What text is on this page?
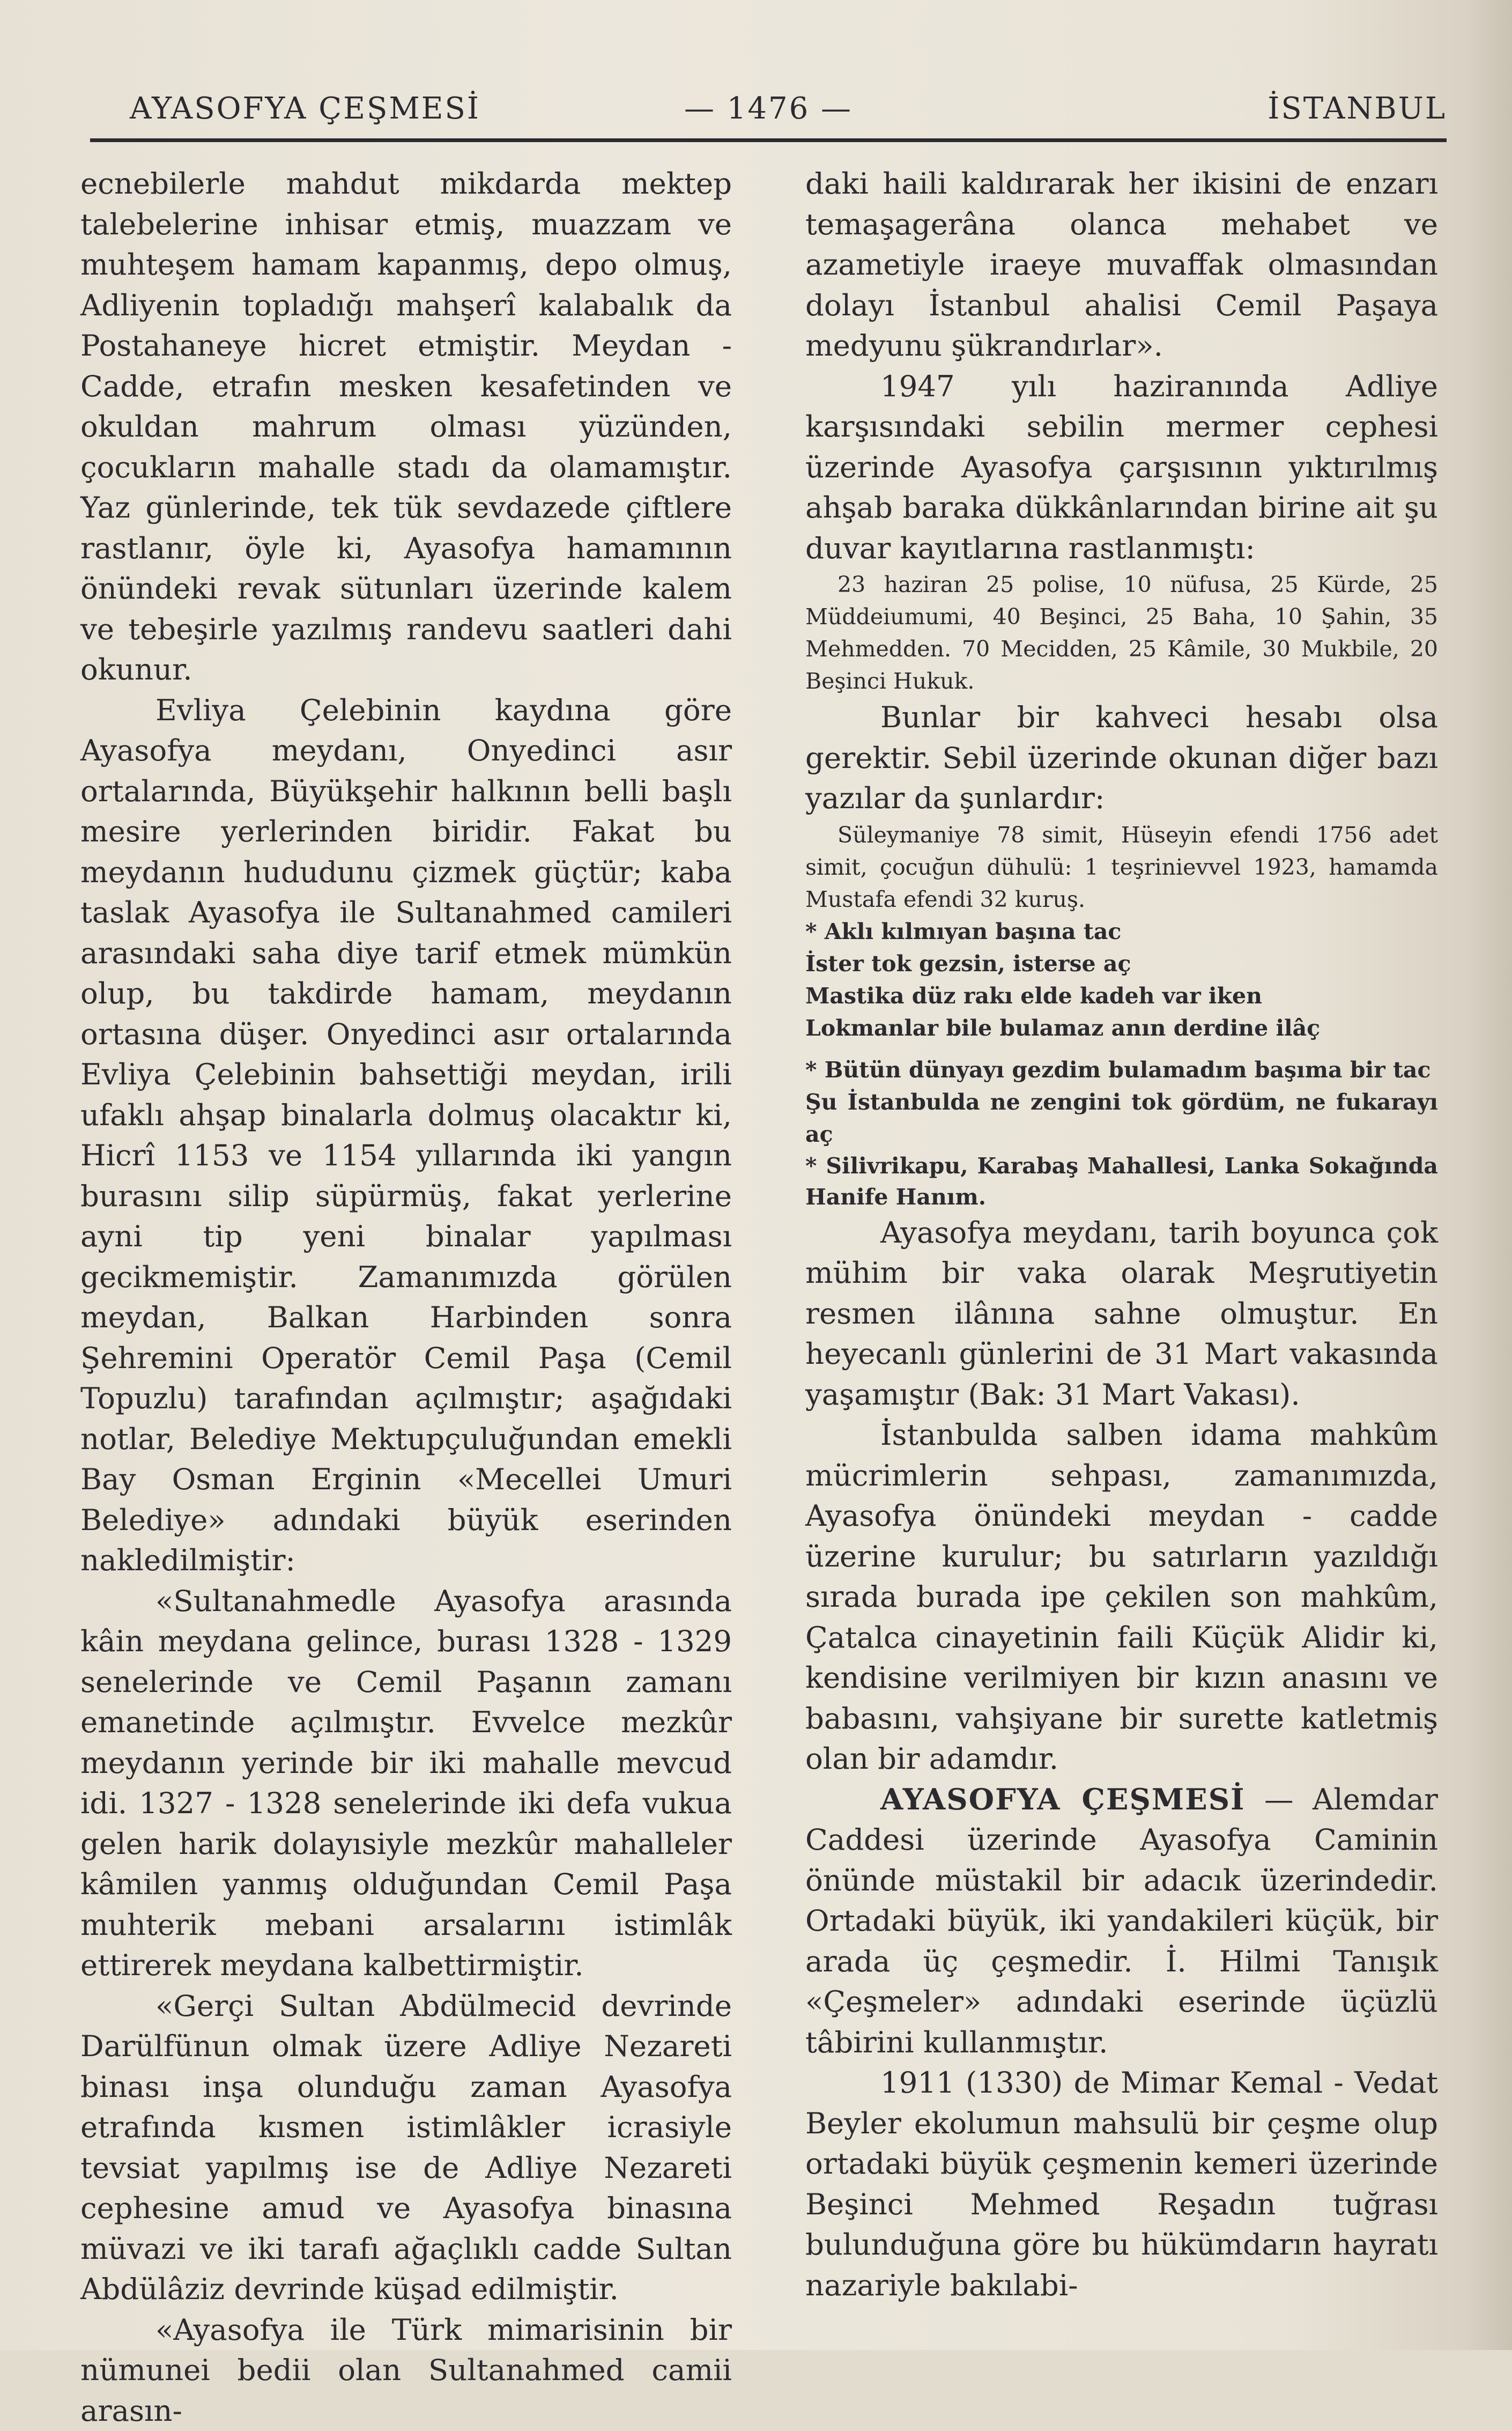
AYASOFYA ÇEŞMESİ	— 1476 —	İSTANBUL

ecnebilerle mahdut mikdarda mektep talebelerine inhisar etmiş, muazzam ve muhteşem hamam kapanmış, depo olmuş, Adliyenin topladığı mahşerî kalabalık da Postahaneye hicret etmiştir. Meydan - Cadde, etrafın mesken kesafetinden ve okuldan mahrum olması yüzünden, çocukların mahalle stadı da olamamıştır. Yaz günlerinde, tek tük sevdazede çiftlere rastlanır, öyle ki, Ayasofya hamamının önündeki revak sütunları üzerinde kalem ve tebeşirle yazılmış randevu saatleri dahi okunur.

Evliya Çelebinin kaydına göre Ayasofya meydanı, Onyedinci asır ortalarında, Büyükşehir halkının belli başlı mesire yerlerinden biridir. Fakat bu meydanın hududunu çizmek güçtür; kaba taslak Ayasofya ile Sultanahmed camileri arasındaki saha diye tarif etmek mümkün olup, bu takdirde hamam, meydanın ortasına düşer. Onyedinci asır ortalarında Evliya Çelebinin bahsettiği meydan, irili ufaklı ahşap binalarla dolmuş olacaktır ki, Hicrî 1153 ve 1154 yıllarında iki yangın burasını silip süpürmüş, fakat yerlerine ayni tip yeni binalar yapılması gecikmemiştir. Zamanımızda görülen meydan, Balkan Harbinden sonra Şehremini Operatör Cemil Paşa (Cemil Topuzlu) tarafından açılmıştır; aşağıdaki notlar, Belediye Mektupçuluğundan emekli Bay Osman Erginin «Mecellei Umuri Belediye» adındaki büyük eserinden nakledilmiştir:

«Sultanahmedle Ayasofya arasında kâin meydana gelince, burası 1328 - 1329 senelerinde ve Cemil Paşanın zamanı emanetinde açılmıştır. Evvelce mezkûr meydanın yerinde bir iki mahalle mevcud idi. 1327 - 1328 senelerinde iki defa vukua gelen harik dolayısiyle mezkûr mahalleler kâmilen yanmış olduğundan Cemil Paşa muhterik mebani arsalarını istimlâk ettirerek meydana kalbettirmiştir.

«Gerçi Sultan Abdülmecid devrinde Darülfünun olmak üzere Adliye Nezareti binası inşa olunduğu zaman Ayasofya etrafında kısmen istimlâkler icrasiyle tevsiat yapılmış ise de Adliye Nezareti cephesine amud ve Ayasofya binasına müvazi ve iki tarafı ağaçlıklı cadde Sultan Abdülâziz devrinde küşad edilmiştir.

«Ayasofya ile Türk mimarisinin bir nümunei bedii olan Sultanahmed camii arasın-

daki haili kaldırarak her ikisini de enzarı temaşagerâna olanca mehabet ve azametiyle iraeye muvaffak olmasından dolayı İstanbul ahalisi Cemil Paşaya medyunu şükrandırlar».

1947 yılı haziranında Adliye karşısındaki sebilin mermer cephesi üzerinde Ayasofya çarşısının yıktırılmış ahşab baraka dükkânlarından birine ait şu duvar kayıtlarına rastlanmıştı:

23 haziran 25 polise, 10 nüfusa, 25 Kürde, 25 Müddeiumumi, 40 Beşinci, 25 Baha, 10 Şahin, 35 Mehmedden. 70 Mecidden, 25 Kâmile, 30 Mukbile, 20 Beşinci Hukuk.

Bunlar bir kahveci hesabı olsa gerektir. Sebil üzerinde okunan diğer bazı yazılar da şunlardır:

Süleymaniye 78 simit, Hüseyin efendi 1756 adet simit, çocuğun dühulü: 1 teşrinievvel 1923, hamamda Mustafa efendi 32 kuruş.

* Aklı kılmıyan başına tac
İster tok gezsin, isterse aç
Mastika düz rakı elde kadeh var iken
Lokmanlar bile bulamaz anın derdine ilâç
* Bütün dünyayı gezdim bulamadım başıma bir tac
Şu İstanbulda ne zengini tok gördüm, ne fukarayı aç

* Silivrikapu, Karabaş Mahallesi, Lanka Sokağında Hanife Hanım.

Ayasofya meydanı, tarih boyunca çok mühim bir vaka olarak Meşrutiyetin resmen ilânına sahne olmuştur. En heyecanlı günlerini de 31 Mart vakasında yaşamıştır (Bak: 31 Mart Vakası).

İstanbulda salben idama mahkûm mücrimlerin sehpası, zamanımızda, Ayasofya önündeki meydan - cadde üzerine kurulur; bu satırların yazıldığı sırada burada ipe çekilen son mahkûm, Çatalca cinayetinin faili Küçük Alidir ki, kendisine verilmiyen bir kızın anasını ve babasını, vahşiyane bir surette katletmiş olan bir adamdır.

AYASOFYA ÇEŞMESİ — Alemdar Caddesi üzerinde Ayasofya Caminin önünde müstakil bir adacık üzerindedir. Ortadaki büyük, iki yandakileri küçük, bir arada üç çeşmedir. İ. Hilmi Tanışık «Çeşmeler» adındaki eserinde üçüzlü tâbirini kullanmıştır.

1911 (1330) de Mimar Kemal - Vedat Beyler ekolumun mahsulü bir çeşme olup ortadaki büyük çeşmenin kemeri üzerinde Beşinci Mehmed Reşadın tuğrası bulunduğuna göre bu hükümdarın hayratı nazariyle bakılabi-
